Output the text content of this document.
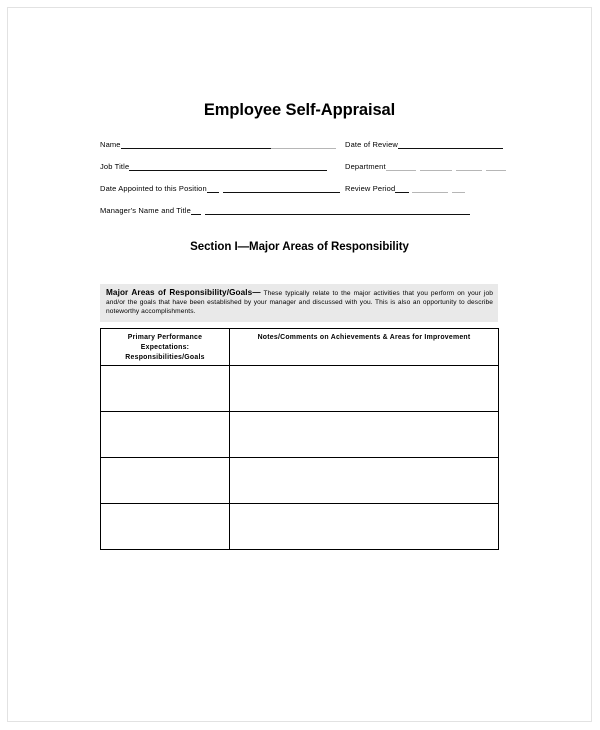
Employee Self-Appraisal
Name	Date of Review
Job Title	Department
Date Appointed to this Position	Review Period
Manager's Name and Title
Section I—Major Areas of Responsibility
Major Areas of Responsibility/Goals— These typically relate to the major activities that you perform on your job and/or the goals that have been established by your manager and discussed with you. This is also an opportunity to describe noteworthy accomplishments.
Primary Performance
Expectations:
Responsibilities/Goals	Notes/Comments on Achievements & Areas for Improvement
